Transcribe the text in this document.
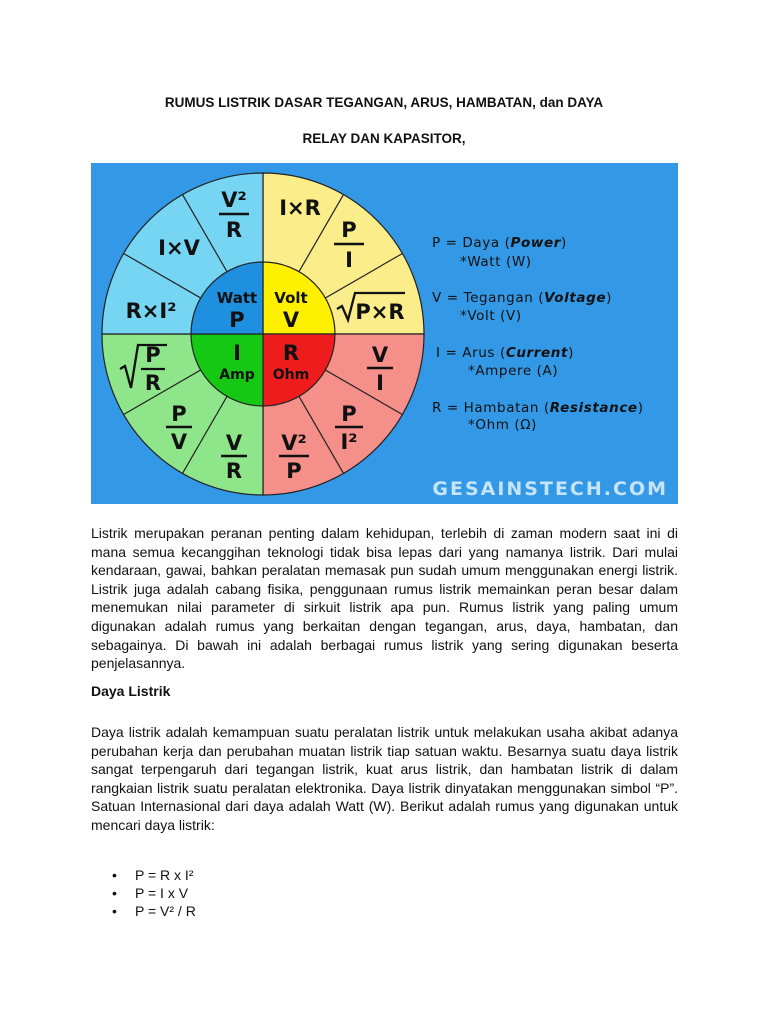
RUMUS LISTRIK DASAR TEGANGAN, ARUS, HAMBATAN, dan DAYA
RELAY DAN KAPASITOR,
Watt
P
Volt
V
I
Amp
R
Ohm
V²
R
I×R
P
I
P×R
I×V
R×I²
P
R
P
V V
R
V²
P
P
I²
V
I
P = Daya (Power)
*Watt (W)
V = Tegangan (Voltage)
*Volt (V)
I = Arus (Current)
*Ampere (A)
R = Hambatan (Resistance)
*Ohm (Ω)
GESAINSTECH.COM
Listrik merupakan peranan penting dalam kehidupan, terlebih di zaman modern saat ini di mana semua kecanggihan teknologi tidak bisa lepas dari yang namanya listrik. Dari mulai kendaraan, gawai, bahkan peralatan memasak pun sudah umum menggunakan energi listrik. Listrik juga adalah cabang fisika, penggunaan rumus listrik memainkan peran besar dalam menemukan nilai parameter di sirkuit listrik apa pun. Rumus listrik yang paling umum digunakan adalah rumus yang berkaitan dengan tegangan, arus, daya, hambatan, dan sebagainya. Di bawah ini adalah berbagai rumus listrik yang sering digunakan beserta penjelasannya.
Daya Listrik
Daya listrik adalah kemampuan suatu peralatan listrik untuk melakukan usaha akibat adanya perubahan kerja dan perubahan muatan listrik tiap satuan waktu. Besarnya suatu daya listrik sangat terpengaruh dari tegangan listrik, kuat arus listrik, dan hambatan listrik di dalam rangkaian listrik suatu peralatan elektronika. Daya listrik dinyatakan menggunakan simbol “P”. Satuan Internasional dari daya adalah Watt (W). Berikut adalah rumus yang digunakan untuk mencari daya listrik:
• P = R x I²
• P = I x V
• P = V² / R
